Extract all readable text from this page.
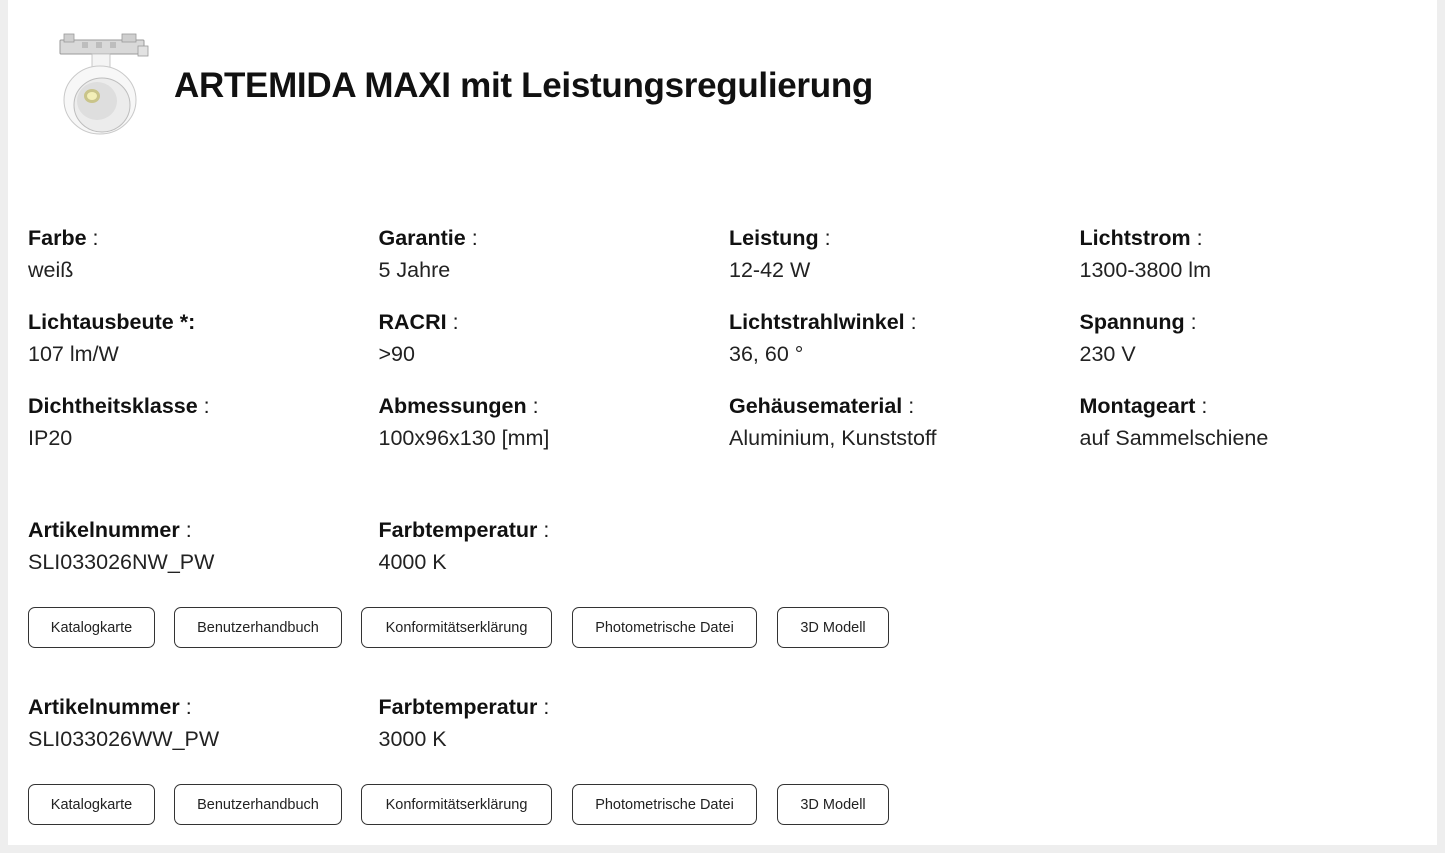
ARTEMIDA MAXI mit Leistungsregulierung
Farbe :
weiß
Garantie :
5 Jahre
Leistung :
12-42 W
Lichtstrom :
1300-3800 lm
Lichtausbeute *:
107 lm/W
RACRI :
>90
Lichtstrahlwinkel :
36, 60 °
Spannung :
230 V
Dichtheitsklasse :
IP20
Abmessungen :
100x96x130 [mm]
Gehäusematerial :
Aluminium, Kunststoff
Montageart :
auf Sammelschiene
Artikelnummer :
SLI033026NW_PW
Farbtemperatur :
4000 K
Katalogkarte	Benutzerhandbuch	Konformitätserklärung	Photometrische Datei	3D Modell
Artikelnummer :
SLI033026WW_PW
Farbtemperatur :
3000 K
Katalogkarte	Benutzerhandbuch	Konformitätserklärung	Photometrische Datei	3D Modell
